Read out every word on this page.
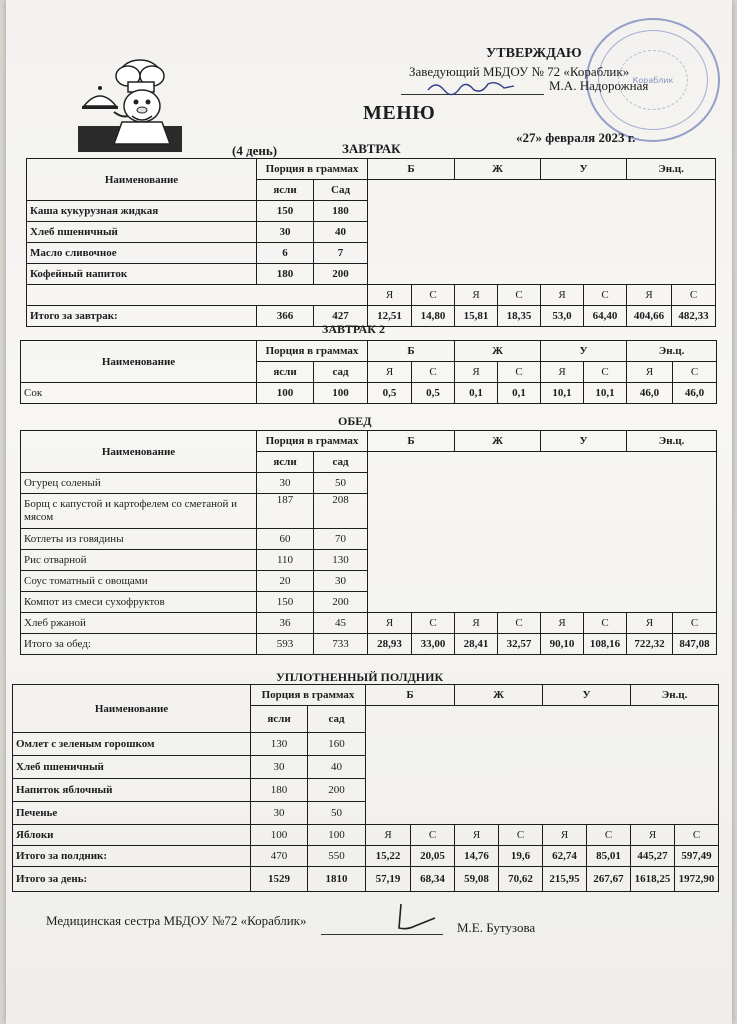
Кораблик
УТВЕРЖДАЮ
Заведующий МБДОУ № 72 «Кораблик»
М.А. Надорожная
МЕНЮ
(4 день)	ЗАВТРАК
«27» февраля 2023 г.
Наименование	Порция в граммах		Б		Ж		У		Эн.ц.	
	ясли	Сад								
Каша кукурузная жидкая	150	180								
Хлеб пшеничный	30	40								
Масло сливочное	6	7								
Кофейный напиток	180	200								
			Я	С	Я	С	Я	С	Я	С
Итого за завтрак:	366	427	12,51	14,80	15,81	18,35	53,0	64,40	404,66	482,33
ЗАВТРАК 2
Наименование	Порция в граммах		Б		Ж		У		Эн.ц.	
	ясли	сад	Я	С	Я	С	Я	С	Я	С
Сок	100	100	0,5	0,5	0,1	0,1	10,1	10,1	46,0	46,0
ОБЕД
Наименование	Порция в граммах		Б		Ж		У		Эн.ц.	
	ясли	сад								
Огурец соленый	30	50								
Борщ с капустой и картофелем со сметаной и мясом	187	208								
Котлеты из говядины	60	70								
Рис отварной	110	130								
Соус томатный с овощами	20	30								
Компот из смеси сухофруктов	150	200								
Хлеб ржаной	36	45	Я	С	Я	С	Я	С	Я	С
Итого за обед:	593	733	28,93	33,00	28,41	32,57	90,10	108,16	722,32	847,08
УПЛОТНЕННЫЙ ПОЛДНИК
Наименование	Порция в граммах		Б		Ж		У		Эн.ц.	
	ясли	сад								
Омлет с зеленым горошком	130	160								
Хлеб пшеничный	30	40								
Напиток яблочный	180	200								
Печенье	30	50								
Яблоки	100	100	Я	С	Я	С	Я	С	Я	С
Итого за полдник:	470	550	15,22	20,05	14,76	19,6	62,74	85,01	445,27	597,49
Итого за день:	1529	1810	57,19	68,34	59,08	70,62	215,95	267,67	1618,25	1972,90
Медицинская сестра МБДОУ №72 «Кораблик»	М.Е. Бутузова
